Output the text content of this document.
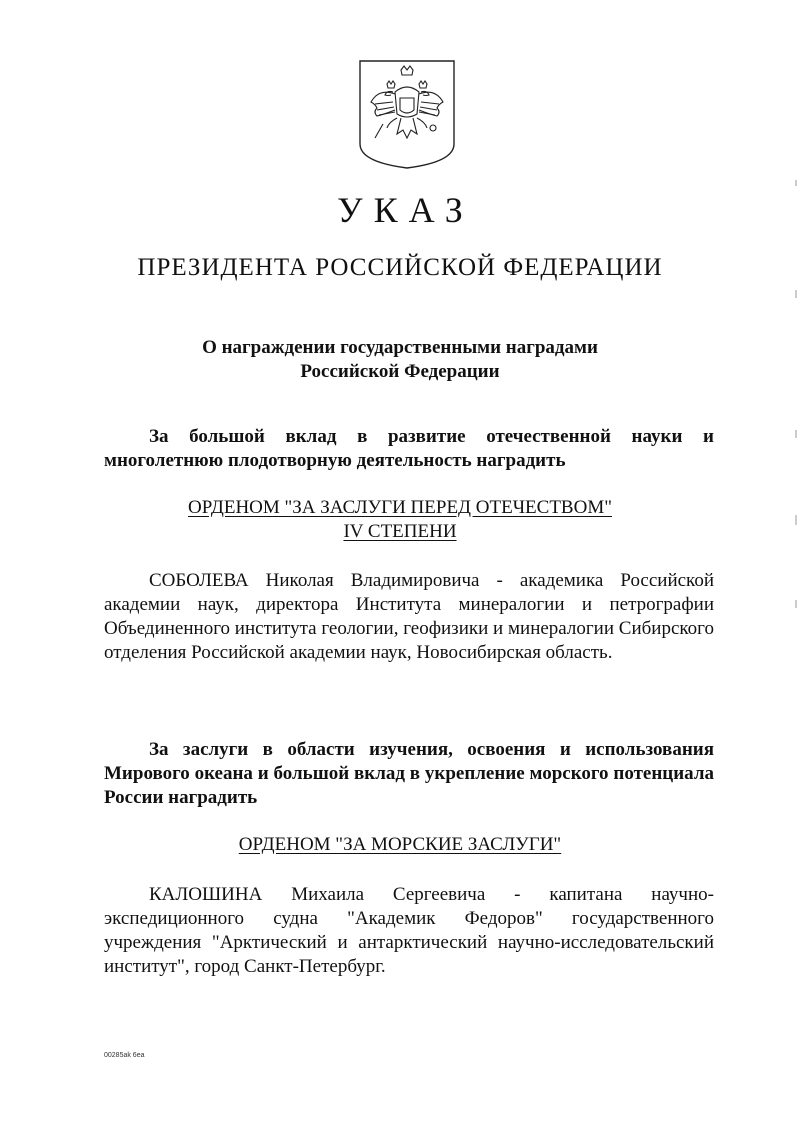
УКАЗ
ПРЕЗИДЕНТА РОССИЙСКОЙ ФЕДЕРАЦИИ
О награждении государственными наградами
Российской Федерации

За большой вклад в развитие отечественной науки и многолетнюю плодотворную деятельность наградить

ОРДЕНОМ "ЗА ЗАСЛУГИ ПЕРЕД ОТЕЧЕСТВОМ"
IV СТЕПЕНИ

СОБОЛЕВА Николая Владимировича - академика Российской академии наук, директора Института минералогии и петрографии Объединенного института геологии, геофизики и минералогии Сибирского отделения Российской академии наук, Новосибирская область.

За заслуги в области изучения, освоения и использования Мирового океана и большой вклад в укрепление морского потенциала России наградить

ОРДЕНОМ "ЗА МОРСКИЕ ЗАСЛУГИ"

КАЛОШИНА Михаила Сергеевича - капитана научно-экспедиционного судна "Академик Федоров" государственного учреждения "Арктический и антарктический научно-исследовательский институт", город Санкт-Петербург.

00285ak 6ea
